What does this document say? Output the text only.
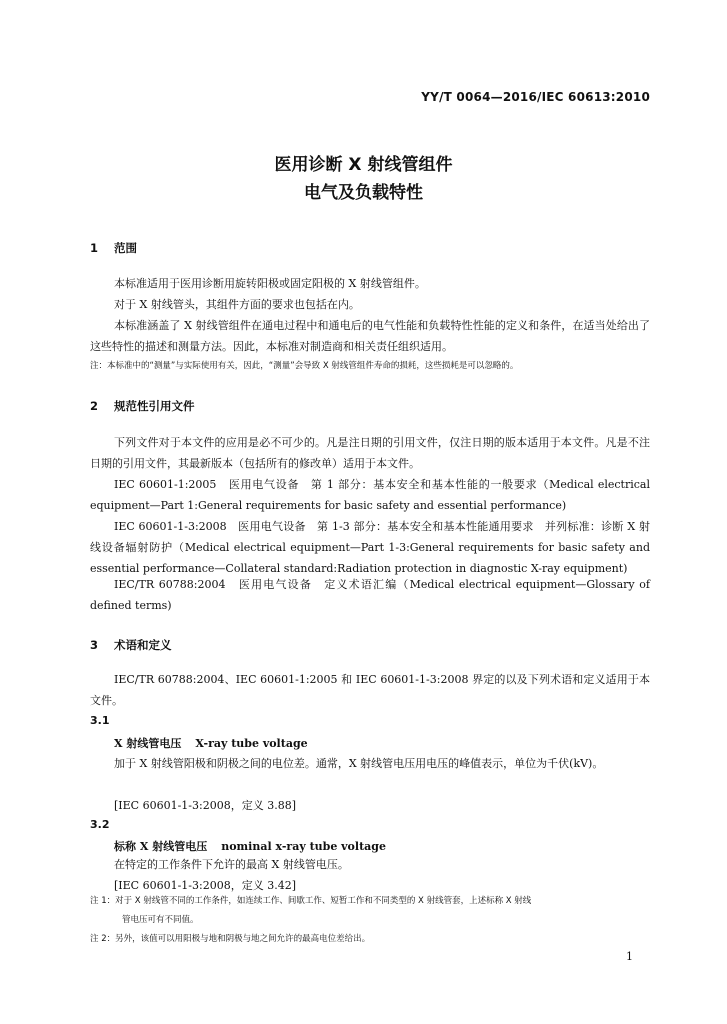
YY/T 0064—2016/IEC 60613:2010
医用诊断 X 射线管组件
电气及负载特性
1 范围
本标准适用于医用诊断用旋转阳极或固定阳极的 X 射线管组件。
对于 X 射线管头，其组件方面的要求也包括在内。
本标准涵盖了 X 射线管组件在通电过程中和通电后的电气性能和负载特性性能的定义和条件，在适当处给出了这些特性的描述和测量方法。因此，本标准对制造商和相关责任组织适用。
注：本标准中的“测量”与实际使用有关，因此，“测量”会导致 X 射线管组件寿命的损耗，这些损耗是可以忽略的。
2 规范性引用文件
下列文件对于本文件的应用是必不可少的。凡是注日期的引用文件，仅注日期的版本适用于本文件。凡是不注日期的引用文件，其最新版本（包括所有的修改单）适用于本文件。
IEC 60601-1:2005　医用电气设备　第 1 部分：基本安全和基本性能的一般要求（Medical electrical equipment—Part 1:General requirements for basic safety and essential performance)
IEC 60601-1-3:2008　医用电气设备　第 1-3 部分：基本安全和基本性能通用要求　并列标准：诊断 X 射线设备辐射防护（Medical electrical equipment—Part 1-3:General requirements for basic safety and essential performance—Collateral standard:Radiation protection in diagnostic X-ray equipment)
IEC/TR 60788:2004　医用电气设备　定义术语汇编（Medical electrical equipment—Glossary of defined terms)
3 术语和定义
IEC/TR 60788:2004、IEC 60601-1:2005 和 IEC 60601-1-3:2008 界定的以及下列术语和定义适用于本文件。
3.1
X 射线管电压 X-ray tube voltage
加于 X 射线管阳极和阴极之间的电位差。通常，X 射线管电压用电压的峰值表示，单位为千伏(kV)。
[IEC 60601-1-3:2008，定义 3.88]
3.2
标称 X 射线管电压 nominal x-ray tube voltage
在特定的工作条件下允许的最高 X 射线管电压。
[IEC 60601-1-3:2008，定义 3.42]
注 1：对于 X 射线管不同的工作条件，如连续工作、间歇工作、短暂工作和不同类型的 X 射线管套，上述标称 X 射线
管电压可有不同值。
注 2：另外，该值可以用阳极与地和阴极与地之间允许的最高电位差给出。
1
